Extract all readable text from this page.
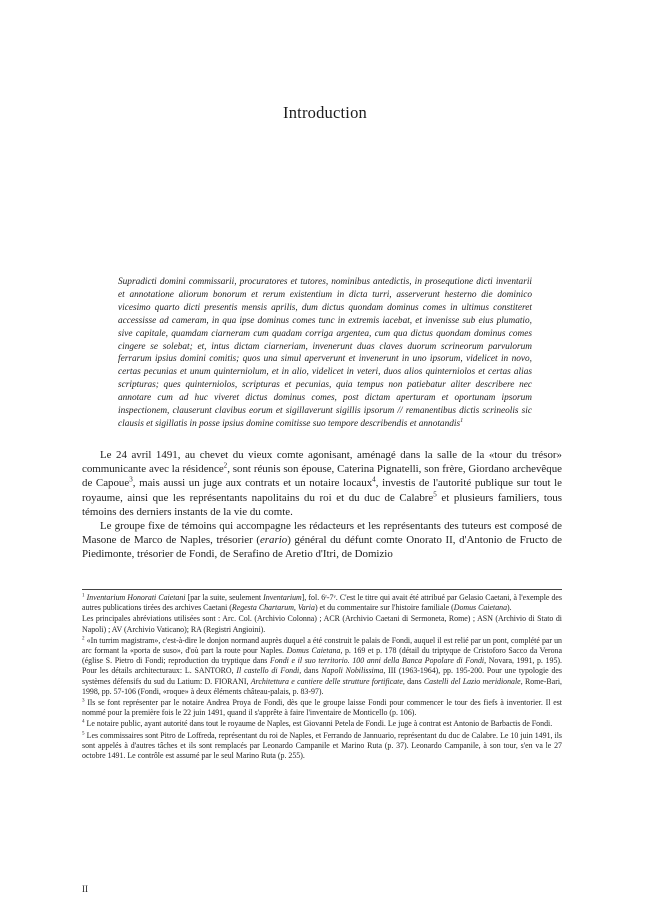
Introduction

Supradicti domini commissarii, procuratores et tutores, nominibus antedictis, in prosequtione dicti inventarii et annotatione aliorum bonorum et rerum existentium in dicta turri, asserverunt hesterno die dominico vicesimo quarto dicti presentis mensis aprilis, dum dictus quondam dominus comes in ultimus constiteret accessisse ad cameram, in qua ipse dominus comes tunc in extremis iacebat, et invenisse sub eius plumatio, sive capitale, quamdam ciarneram cum quadam corriga argentea, cum qua dictus quondam dominus comes cingere se solebat; et, intus dictam ciarneriam, invenerunt duas claves duorum scrineorum parvulorum ferrarum ipsius domini comitis; quos una simul aperverunt et invenerunt in uno ipsorum, videlicet in novo, certas pecunias et unum quinterniolum, et in alio, videlicet in veteri, duos alios quinterniolos et certas alias scripturas; ques quinterniolos, scripturas et pecunias, quia tempus non patiebatur aliter describere nec annotare cum ad huc viveret dictus dominus comes, post dictam aperturam et oportunam ipsorum inspectionem, clauserunt clavibus eorum et sigillaverunt sigillis ipsorum // remanentibus dictis scrineolis sic clausis et sigillatis in posse ipsius domine comitisse suo tempore describendis et annotandis$^1$

Le 24 avril 1491, au chevet du vieux comte agonisant, aménagé dans la salle de la «tour du trésor» communicante avec la résidence$^2$, sont réunis son épouse, Caterina Pignatelli, son frère, Giordano archevêque de Capoue$^3$, mais aussi un juge aux contrats et un notaire locaux$^4$, investis de l'autorité publique sur tout le royaume, ainsi que les représentants napolitains du roi et du duc de Calabre$^5$ et plusieurs familiers, tous témoins des derniers instants de la vie du comte.

Le groupe fixe de témoins qui accompagne les rédacteurs et les représentants des tuteurs est composé de Masone de Marco de Naples, trésorier (erario) général du défunt comte Onorato II, d'Antonio de Fructo de Piedimonte, trésorier de Fondi, de Serafino de Aretio d'Itri, de Domizio

$^1$ Inventarium Honorati Caietani [par la suite, seulement Inventarium], fol. 6ʳ-7ᵛ. C'est le titre qui avait été attribué par Gelasio Caetani, à l'exemple des autres publications tirées des archives Caetani (Regesta Chartarum, Varia) et du commentaire sur l'histoire familiale (Domus Caietana).

Les principales abréviations utilisées sont : Arc. Col. (Archivio Colonna) ; ACR (Archivio Caetani di Sermoneta, Rome) ; ASN (Archivio di Stato di Napoli) ; AV (Archivio Vaticano); RA (Registri Angioini).

$^2$ «In turrim magistram», c'est-à-dire le donjon normand auprès duquel a été construit le palais de Fondi, auquel il est relié par un pont, complété par un arc formant la «porta de suso», d'où part la route pour Naples. Domus Caietana, p. 169 et p. 178 (détail du triptyque de Cristoforo Sacco da Verona (église S. Pietro di Fondi; reproduction du tryptique dans Fondi e il suo territorio. 100 anni della Banca Popolare di Fondi, Novara, 1991, p. 195). Pour les détails architecturaux: L. SANTORO, Il castello di Fondi, dans Napoli Nobilissima, III (1963-1964), pp. 195-200. Pour une typologie des systèmes défensifs du sud du Latium: D. FIORANI, Architettura e cantiere delle strutture fortificate, dans Castelli del Lazio meridionale, Rome-Bari, 1998, pp. 57-106 (Fondi, «roque» à deux éléments château-palais, p. 83-97).

$^3$ Ils se font représenter par le notaire Andrea Proya de Fondi, dès que le groupe laisse Fondi pour commencer le tour des fiefs à inventorier. Il est nommé pour la première fois le 22 juin 1491, quand il s'apprête à faire l'inventaire de Monticello (p. 106).

$^4$ Le notaire public, ayant autorité dans tout le royaume de Naples, est Giovanni Petela de Fondi. Le juge à contrat est Antonio de Barbactis de Fondi.

$^5$ Les commissaires sont Pitro de Loffreda, représentant du roi de Naples, et Ferrando de Jannuario, représentant du duc de Calabre. Le 10 juin 1491, ils sont appelés à d'autres tâches et ils sont remplacés par Leonardo Campanile et Marino Ruta (p. 37). Leonardo Campanile, à son tour, s'en va le 27 octobre 1491. Le contrôle est assumé par le seul Marino Ruta (p. 255).

II
